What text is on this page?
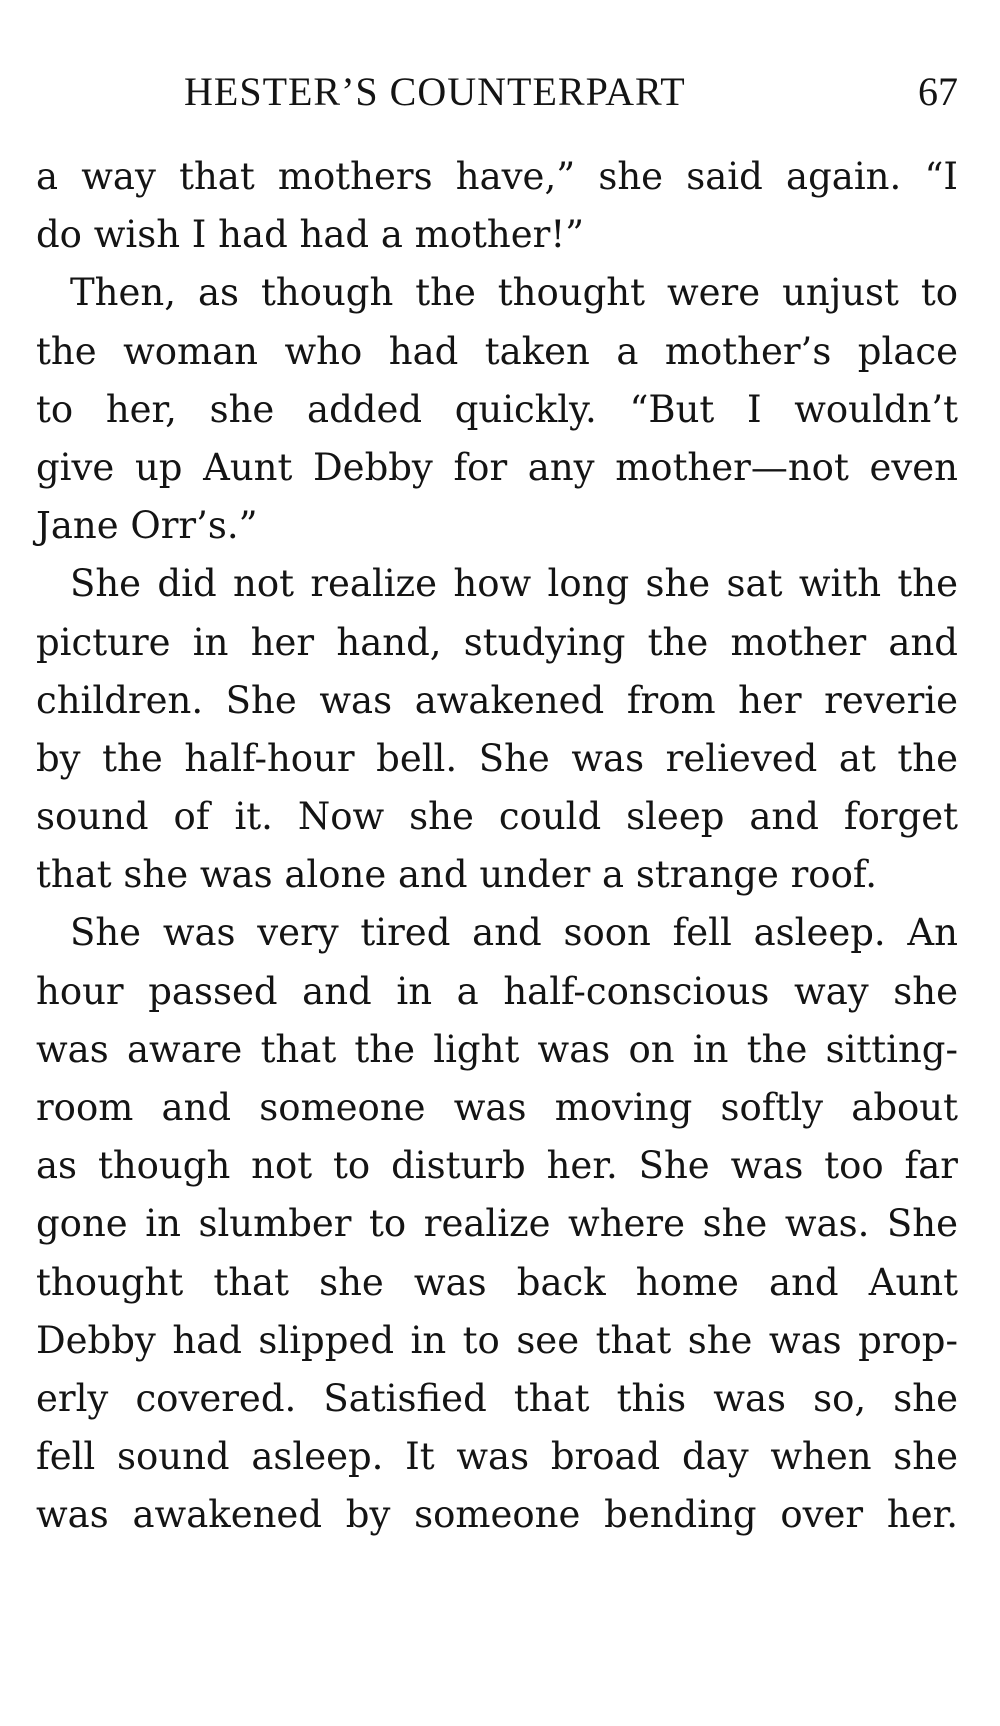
HESTER’S COUNTERPART	67
a way that mothers have,” she said again. “I
do wish I had had a mother!”
Then, as though the thought were unjust to
the woman who had taken a mother’s place
to her, she added quickly. “But I wouldn’t
give up Aunt Debby for any mother—not even
Jane Orr’s.”
She did not realize how long she sat with the
picture in her hand, studying the mother and
children. She was awakened from her reverie
by the half-hour bell. She was relieved at the
sound of it. Now she could sleep and forget
that she was alone and under a strange roof.
She was very tired and soon fell asleep. An
hour passed and in a half-conscious way she
was aware that the light was on in the sitting-
room and someone was moving softly about
as though not to disturb her. She was too far
gone in slumber to realize where she was. She
thought that she was back home and Aunt
Debby had slipped in to see that she was prop-
erly covered. Satisfied that this was so, she
fell sound asleep. It was broad day when she
was awakened by someone bending over her.
